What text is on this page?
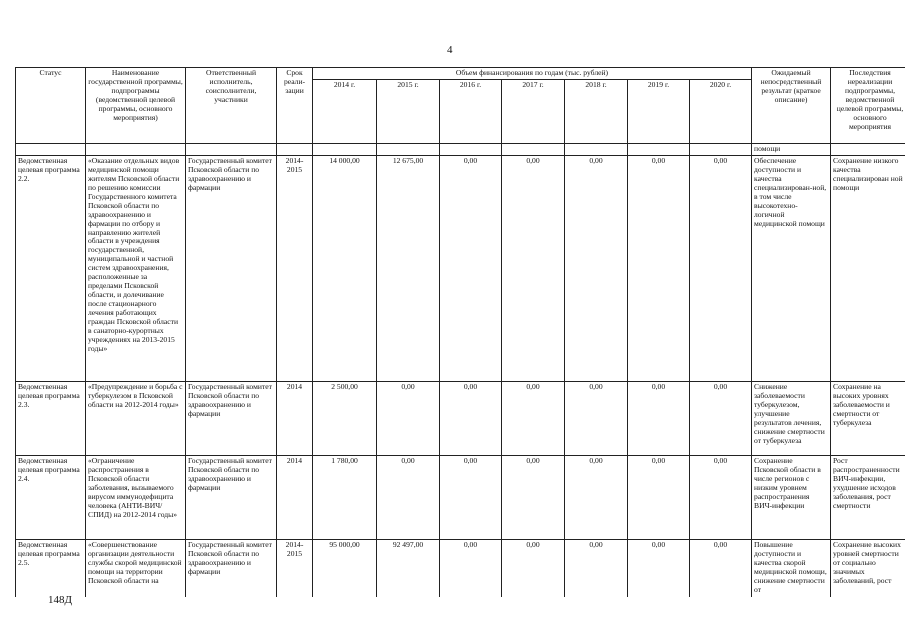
4
Статус	Наименование государственной программы, подпрограммы (ведомственной целевой программы, основного мероприятия)	Ответственный исполнитель, соисполнители, участники	Срок реали-зации	Объем финансирования по годам (тыс. рублей)							Ожидаемый непосредственный результат (краткое описание)	Последствия нереализации подпрограммы, ведомственной целевой программы, основного мероприятия
				2014 г.	2015 г.	2016 г.	2017 г.	2018 г.	2019 г.	2020 г.		
											помощи	
Ведомственная целевая программа 2.2.	«Оказание отдельных видов медицинской помощи жителям Псковской области по решению комиссии Государственного комитета Псковской области по здравоохранению и фармации по отбору и направлению жителей области в учреждения государственной, муниципальной и частной систем здравоохранения, расположенные за пределами Псковской области, и долечивание после стационарного лечения работающих граждан Псковской области в санаторно-курортных учреждениях на 2013-2015 годы»	Государственный комитет Псковской области по здравоохранению и фармации	2014-2015	14 000,00	12 675,00	0,00	0,00	0,00	0,00	0,00	Обеспечение доступности и качества специализирован-ной, в том числе высокотехно-логичной медицинской помощи	Сохранение низкого качества специализирован ной помощи
Ведомственная целевая программа 2.3.	«Предупреждение и борьба с туберкулезом в Псковской области на 2012-2014 годы»	Государственный комитет Псковской области по здравоохранению и фармации	2014	2 500,00	0,00	0,00	0,00	0,00	0,00	0,00	Снижение заболеваемости туберкулезом, улучшение результатов лечения, снижение смертности от туберкулеза	Сохранение на высоких уровнях заболеваемости и смертности от туберкулеза
Ведомственная целевая программа 2.4.	«Ограничение распространения в Псковской области заболевания, вызываемого вирусом иммунодефицита человека (АНТИ-ВИЧ/СПИД) на 2012-2014 годы»	Государственный комитет Псковской области по здравоохранению и фармации	2014	1 780,00	0,00	0,00	0,00	0,00	0,00	0,00	Сохранение Псковской области в числе регионов с низким уровнем распространения ВИЧ-инфекции	Рост распространенности ВИЧ-инфекции, ухудшение исходов заболевания, рост смертности
Ведомственная целевая программа 2.5.	«Совершенствование организации деятельности службы скорой медицинской помощи на территории Псковской области на	Государственный комитет Псковской области по здравоохранению и фармации	2014-2015	95 000,00	92 497,00	0,00	0,00	0,00	0,00	0,00	Повышение доступности и качества скорой медицинской помощи, снижение смертности от	Сохранение высоких уровней смертности от социально значимых заболеваний, рост
148Д
